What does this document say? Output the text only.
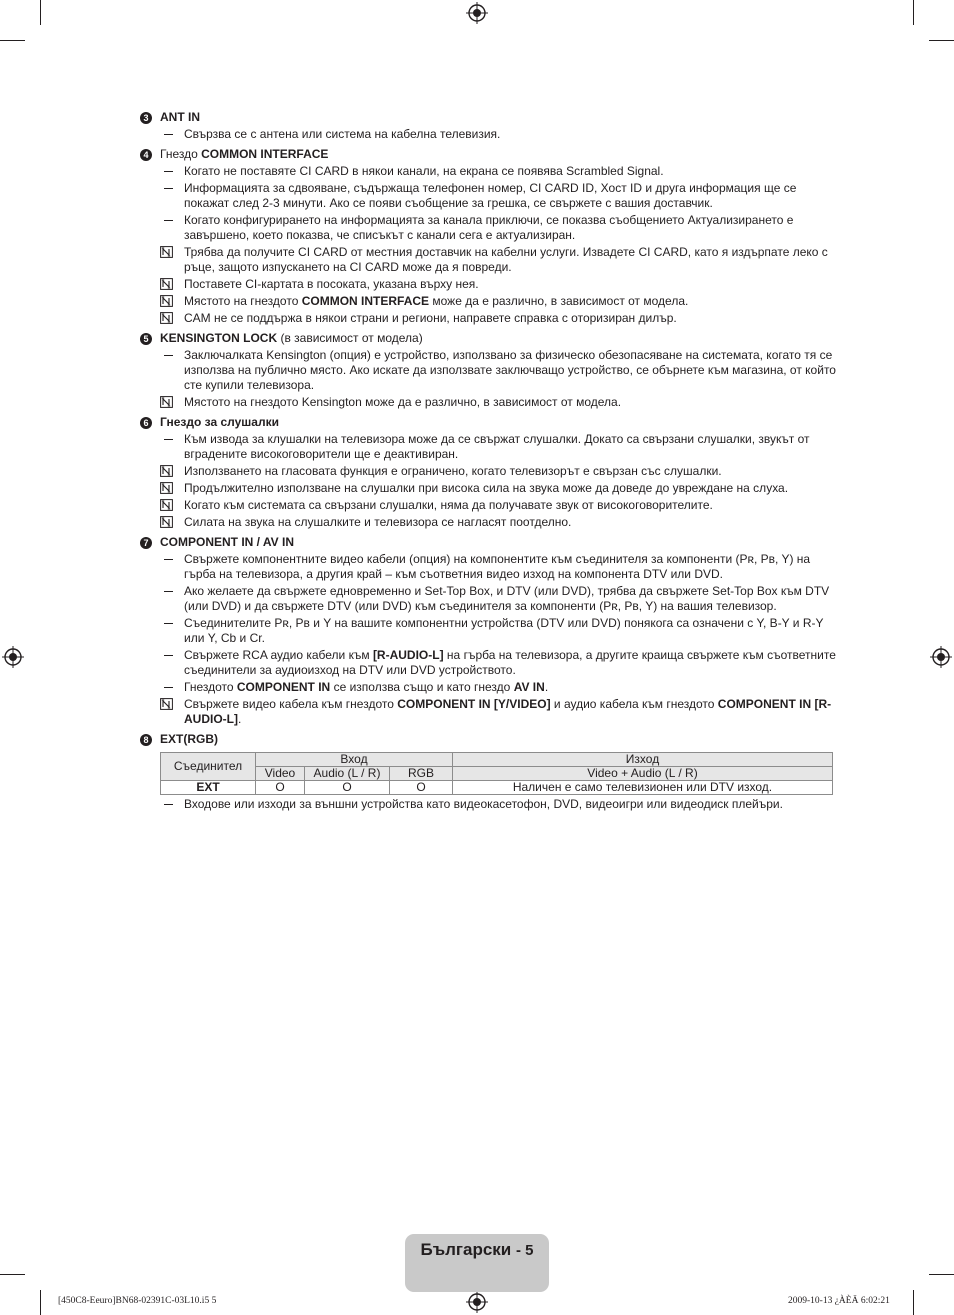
3 ANT IN
Свързва се с антена или система на кабелна телевизия.
4 Гнездо COMMON INTERFACE
Когато не поставяте CI CARD в някои канали, на екрана се появява Scrambled Signal.
Информацията за сдвояване, съдържаща телефонен номер, CI CARD ID, Хост ID и друга информация ще се покажат след 2-3 минути. Ако се появи съобщение за грешка, се свържете с вашия доставчик.
Когато конфигурирането на информацията за канала приключи, се показва съобщението Актуализирането е завършено, което показва, че списъкът с канали сега е актуализиран.
Трябва да получите CI CARD от местния доставчик на кабелни услуги. Извадете CI CARD, като я издърпате леко с ръце, защото изпускането на CI CARD може да я повреди.
Поставете CI-картата в посоката, указана върху нея.
Мястото на гнездото COMMON INTERFACE може да е различно, в зависимост от модела.
CAM не се поддържа в някои страни и региони, направете справка с оторизиран дилър.
5 KENSINGTON LOCK (в зависимост от модела)
Заключалката Kensington (опция) е устройство, използвано за физическо обезопасяване на системата, когато тя се използва на публично място. Ако искате да използвате заключващо устройство, се обърнете към магазина, от който сте купили телевизора.
Мястото на гнездото Kensington може да е различно, в зависимост от модела.
6 Гнездо за слушалки
Към извода за клушалки на телевизора може да се свържат слушалки. Докато са свързани слушалки, звукът от вградените високоговорители ще е деактивиран.
Използването на гласовата функция е ограничено, когато телевизорът е свързан със слушалки.
Продължително използване на слушалки при висока сила на звука може да доведе до увреждане на слуха.
Когато към системата са свързани слушалки, няма да получавате звук от високоговорителите.
Силата на звука на слушалките и телевизора се нагласят поотделно.
7 COMPONENT IN / AV IN
Свържете компонентните видео кабели (опция) на компонентите към съединителя за компоненти (Pʀ, Pʙ, Y) на гърба на телевизора, а другия край – към съответния видео изход на компонента DTV или DVD.
Ако желаете да свържете едновременно и Set-Top Box, и DTV (или DVD), трябва да свържете Set-Top Box към DTV (или DVD) и да свържете DTV (или DVD) към съединителя за компоненти (Pʀ, Pʙ, Y) на вашия телевизор.
Съединителите Pʀ, Pʙ и Y на вашите компонентни устройства (DTV или DVD) понякога са означени с Y, B-Y и R-Y или Y, Cb и Cr.
Свържете RCA аудио кабели към [R-AUDIO-L] на гърба на телевизора, а другите краища свържете към съответните съединители за аудиоизход на DTV или DVD устройството.
Гнездото COMPONENT IN се използва също и като гнездо AV IN.
Свържете видео кабела към гнездото COMPONENT IN [Y/VIDEO] и аудио кабела към гнездото COMPONENT IN [R-AUDIO-L].
8 EXT(RGB)
Съединител	Вход			Изход
	Video	Audio (L / R)	RGB	Video + Audio (L / R)
EXT	O	O	O	Наличен е само телевизионен или DTV изход.
Входове или изходи за външни устройства като видеокасетофон, DVD, видеоигри или видеодиск плейъри.
Български - 5
[450C8-Eeuro]BN68-02391C-03L10.i5 5	2009-10-13 ¿ÀÈÄ 6:02:21
